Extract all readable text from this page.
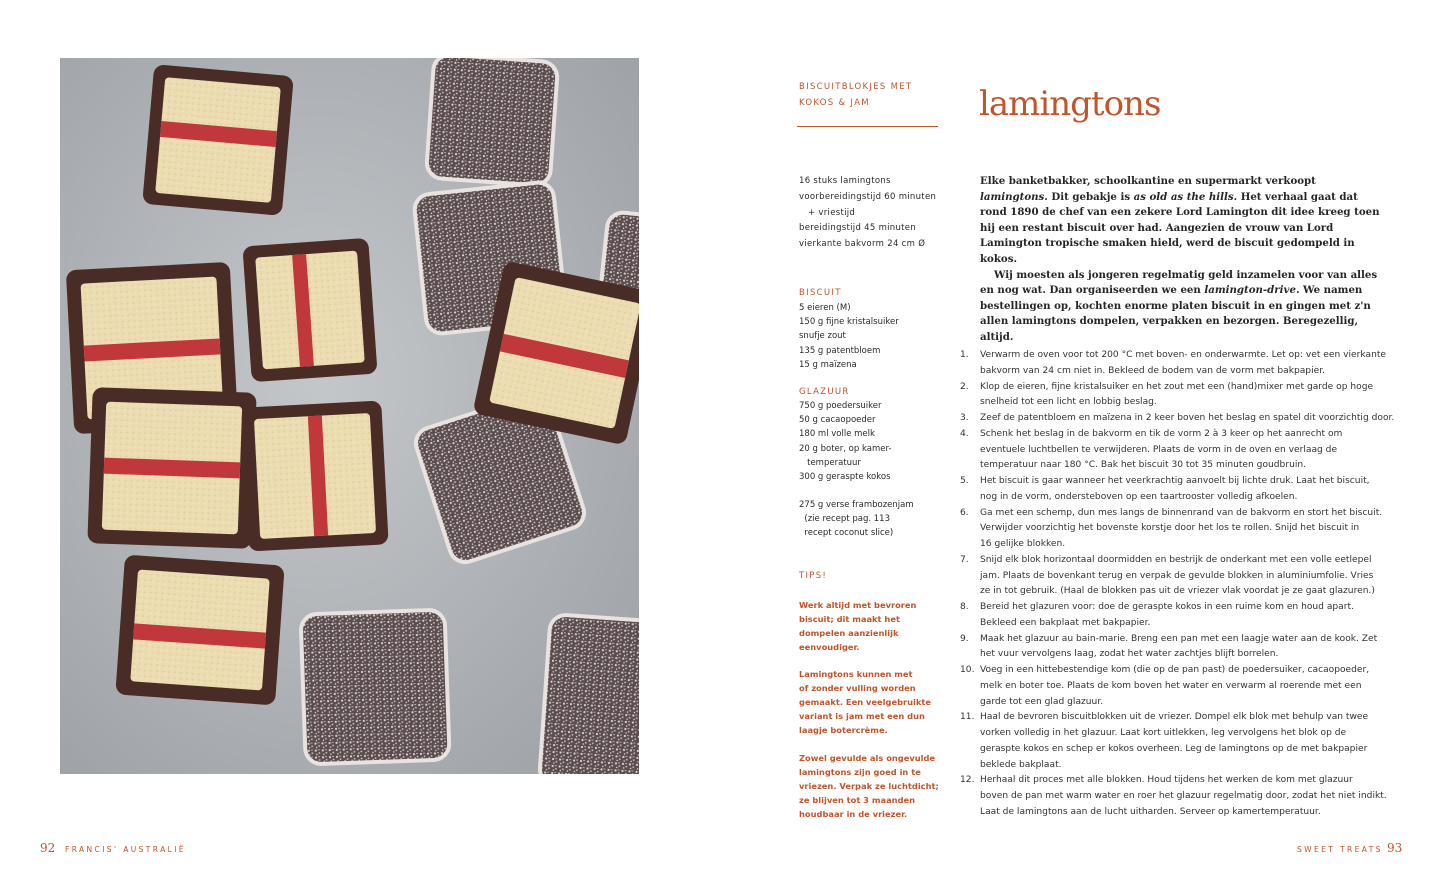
BISCUITBLOKJES MET
KOKOS & JAM
16 stuks lamingtons
voorbereidingstijd 60 minuten
+ vriestijd
bereidingstijd 45 minuten
vierkante bakvorm 24 cm Ø
BISCUIT
5 eieren (M)
150 g fijne kristalsuiker
snufje zout
135 g patentbloem
15 g maïzena
GLAZUUR
750 g poedersuiker
50 g cacaopoeder
180 ml volle melk
20 g boter, op kamer-
temperatuur
300 g geraspte kokos
275 g verse frambozenjam
(zie recept pag. 113
recept coconut slice)
TIPS!
Werk altijd met bevroren
biscuit; dit maakt het
dompelen aanzienlijk
eenvoudiger.
Lamingtons kunnen met
of zonder vulling worden
gemaakt. Een veelgebruikte
variant is jam met een dun
laagje botercrème.
Zowel gevulde als ongevulde
lamingtons zijn goed in te
vriezen. Verpak ze luchtdicht;
ze blijven tot 3 maanden
houdbaar in de vriezer.
lamingtons

Elke banketbakker, schoolkantine en supermarkt verkoopt lamingtons. Dit gebakje is as old as the hills. Het verhaal gaat dat rond 1890 de chef van een zekere Lord Lamington dit idee kreeg toen hij een restant biscuit over had. Aangezien de vrouw van Lord Lamington tropische smaken hield, werd de biscuit gedompeld in kokos.

Wij moesten als jongeren regelmatig geld inzamelen voor van alles en nog wat. Dan organiseerden we een lamington-drive. We namen bestellingen op, kochten enorme platen biscuit in en gingen met z'n allen lamingtons dompelen, verpakken en bezorgen. Beregezellig, altijd.

1.	Verwarm de oven voor tot 200 °C met boven- en onderwarmte. Let op: vet een vierkante
bakvorm van 24 cm niet in. Bekleed de bodem van de vorm met bakpapier.
2.	Klop de eieren, fijne kristalsuiker en het zout met een (hand)mixer met garde op hoge
snelheid tot een licht en lobbig beslag.
3.	Zeef de patentbloem en maïzena in 2 keer boven het beslag en spatel dit voorzichtig door.
4.	Schenk het beslag in de bakvorm en tik de vorm 2 à 3 keer op het aanrecht om
eventuele luchtbellen te verwijderen. Plaats de vorm in de oven en verlaag de
temperatuur naar 180 °C. Bak het biscuit 30 tot 35 minuten goudbruin.
5.	Het biscuit is gaar wanneer het veerkrachtig aanvoelt bij lichte druk. Laat het biscuit,
nog in de vorm, ondersteboven op een taartrooster volledig afkoelen.
6.	Ga met een schemp, dun mes langs de binnenrand van de bakvorm en stort het biscuit.
Verwijder voorzichtig het bovenste korstje door het los te rollen. Snijd het biscuit in
16 gelijke blokken.
7.	Snijd elk blok horizontaal doormidden en bestrijk de onderkant met een volle eetlepel
jam. Plaats de bovenkant terug en verpak de gevulde blokken in aluminiumfolie. Vries
ze in tot gebruik. (Haal de blokken pas uit de vriezer vlak voordat je ze gaat glazuren.)
8.	Bereid het glazuren voor: doe de geraspte kokos in een ruime kom en houd apart.
Bekleed een bakplaat met bakpapier.
9.	Maak het glazuur au bain-marie. Breng een pan met een laagje water aan de kook. Zet
het vuur vervolgens laag, zodat het water zachtjes blijft borrelen.
10. Voeg in een hittebestendige kom (die op de pan past) de poedersuiker, cacaopoeder,
melk en boter toe. Plaats de kom boven het water en verwarm al roerende met een
garde tot een glad glazuur.
11. Haal de bevroren biscuitblokken uit de vriezer. Dompel elk blok met behulp van twee
vorken volledig in het glazuur. Laat kort uitlekken, leg vervolgens het blok op de
geraspte kokos en schep er kokos overheen. Leg de lamingtons op de met bakpapier
beklede bakplaat.
12. Herhaal dit proces met alle blokken. Houd tijdens het werken de kom met glazuur
boven de pan met warm water en roer het glazuur regelmatig door, zodat het niet indikt.
Laat de lamingtons aan de lucht uitharden. Serveer op kamertemperatuur.
92 FRANCIS' AUSTRALIË	SWEET TREATS 93
